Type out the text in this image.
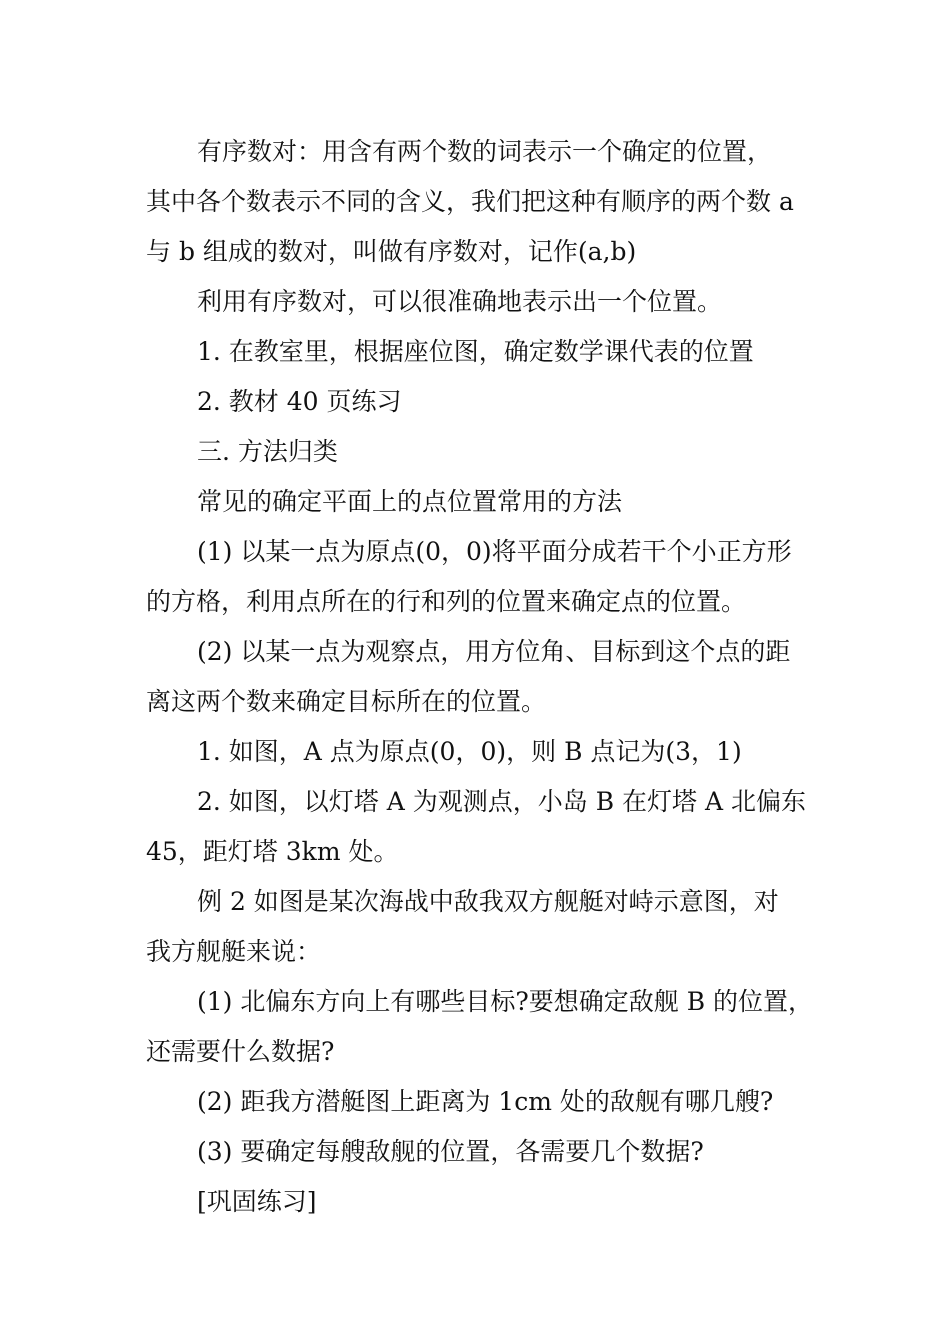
有序数对：用含有两个数的词表示一个确定的位置，
其中各个数表示不同的含义，我们把这种有顺序的两个数 a
与 b 组成的数对，叫做有序数对，记作(a,b)
利用有序数对，可以很准确地表示出一个位置。
1. 在教室里，根据座位图，确定数学课代表的位置
2. 教材 40 页练习
三. 方法归类
常见的确定平面上的点位置常用的方法
(1) 以某一点为原点(0，0)将平面分成若干个小正方形
的方格，利用点所在的行和列的位置来确定点的位置。
(2) 以某一点为观察点，用方位角、目标到这个点的距
离这两个数来确定目标所在的位置。
1. 如图，A 点为原点(0，0)，则 B 点记为(3，1)
2. 如图，以灯塔 A 为观测点，小岛 B 在灯塔 A 北偏东
45，距灯塔 3km 处。
例 2 如图是某次海战中敌我双方舰艇对峙示意图，对
我方舰艇来说：
(1) 北偏东方向上有哪些目标?要想确定敌舰 B 的位置，
还需要什么数据?
(2) 距我方潜艇图上距离为 1cm 处的敌舰有哪几艘?
(3) 要确定每艘敌舰的位置，各需要几个数据?
[巩固练习]
